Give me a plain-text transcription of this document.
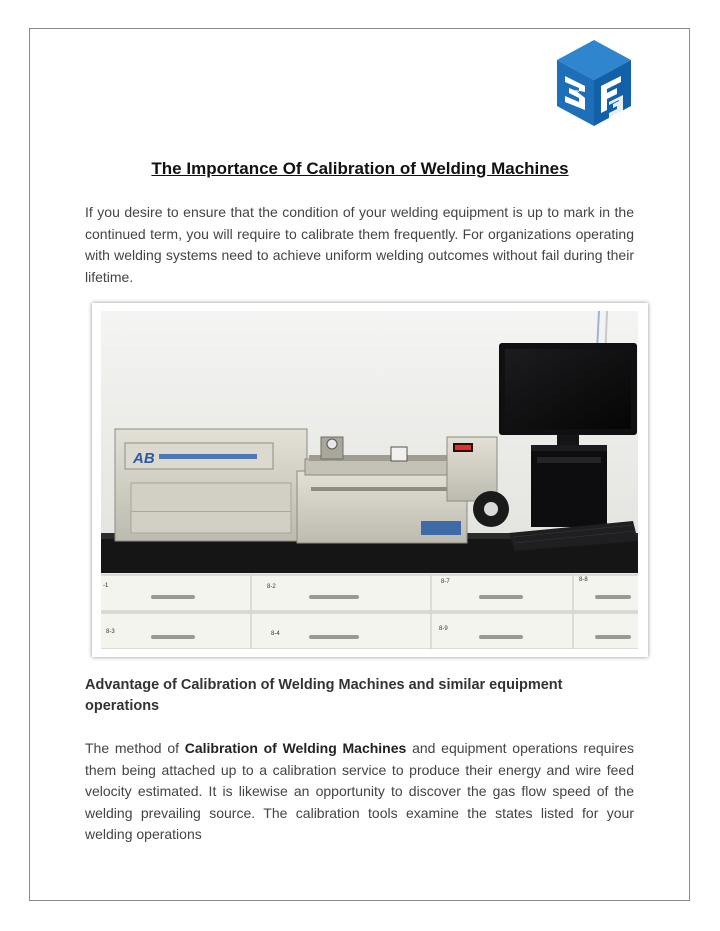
The Importance Of Calibration of Welding Machines
If you desire to ensure that the condition of your welding equipment is up to mark in the continued term, you will require to calibrate them frequently. For organizations operating with welding systems need to achieve uniform welding outcomes without fail during their lifetime.
-1	8-2
8-7	8-8
8-3	8-4
8-9
AB
Advantage of Calibration of Welding Machines and similar equipment operations
The method of Calibration of Welding Machines and equipment operations requires them being attached up to a calibration service to produce their energy and wire feed velocity estimated. It is likewise an opportunity to discover the gas flow speed of the welding prevailing source. The calibration tools examine the states listed for your welding operations
